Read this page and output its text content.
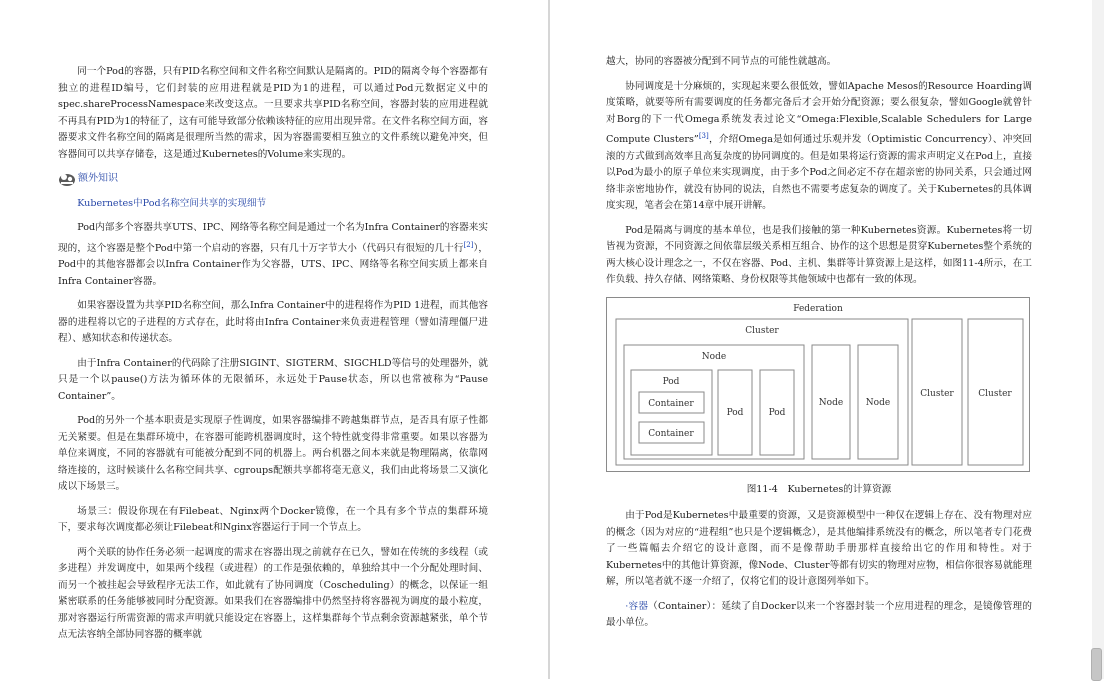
同一个Pod的容器，只有PID名称空间和文件名称空间默认是隔离的。PID的隔离令每个容器都有独立的进程ID编号，它们封装的应用进程就是PID为1的进程，可以通过Pod元数据定义中的spec.shareProcessNamespace来改变这点。一旦要求共享PID名称空间，容器封装的应用进程就不再具有PID为1的特征了，这有可能导致部分依赖该特征的应用出现异常。在文件名称空间方面，容器要求文件名称空间的隔离是很理所当然的需求，因为容器需要相互独立的文件系统以避免冲突，但容器间可以共享存储卷，这是通过Kubernetes的Volume来实现的。

额外知识

Kubernetes中Pod名称空间共享的实现细节

Pod内部多个容器共享UTS、IPC、网络等名称空间是通过一个名为Infra Container的容器来实现的，这个容器是整个Pod中第一个启动的容器，只有几十万字节大小（代码只有很短的几十行[2]），Pod中的其他容器都会以Infra Container作为父容器，UTS、IPC、网络等名称空间实质上都来自Infra Container容器。

如果容器设置为共享PID名称空间，那么Infra Container中的进程将作为PID 1进程，而其他容器的进程将以它的子进程的方式存在，此时将由Infra Container来负责进程管理（譬如清理僵尸进程）、感知状态和传递状态。

由于Infra Container的代码除了注册SIGINT、SIGTERM、SIGCHLD等信号的处理器外，就只是一个以pause()方法为循环体的无限循环，永远处于Pause状态，所以也常被称为“Pause Container”。

Pod的另外一个基本职责是实现原子性调度，如果容器编排不跨越集群节点，是否具有原子性都无关紧要。但是在集群环境中，在容器可能跨机器调度时，这个特性就变得非常重要。如果以容器为单位来调度，不同的容器就有可能被分配到不同的机器上。两台机器之间本来就是物理隔离，依靠网络连接的，这时候谈什么名称空间共享、cgroups配额共享都将毫无意义，我们由此将场景二又演化成以下场景三。

场景三：假设你现在有Filebeat、Nginx两个Docker镜像，在一个具有多个节点的集群环境下，要求每次调度都必须让Filebeat和Nginx容器运行于同一个节点上。

两个关联的协作任务必须一起调度的需求在容器出现之前就存在已久，譬如在传统的多线程（或多进程）并发调度中，如果两个线程（或进程）的工作是强依赖的，单独给其中一个分配处理时间、而另一个被挂起会导致程序无法工作，如此就有了协同调度（Coscheduling）的概念，以保证一组紧密联系的任务能够被同时分配资源。如果我们在容器编排中仍然坚持将容器视为调度的最小粒度，那对容器运行所需资源的需求声明就只能设定在容器上，这样集群每个节点剩余资源越紧张，单个节点无法容纳全部协同容器的概率就

越大，协同的容器被分配到不同节点的可能性就越高。

协同调度是十分麻烦的，实现起来要么很低效，譬如Apache Mesos的Resource Hoarding调度策略，就要等所有需要调度的任务都完备后才会开始分配资源；要么很复杂，譬如Google就曾针对Borg的下一代Omega系统发表过论文“Omega:Flexible,Scalable Schedulers for Large Compute Clusters”[3]，介绍Omega是如何通过乐观并发（Optimistic Concurrency）、冲突回滚的方式做到高效率且高复杂度的协同调度的。但是如果将运行资源的需求声明定义在Pod上，直接以Pod为最小的原子单位来实现调度，由于多个Pod之间必定不存在超亲密的协同关系，只会通过网络非亲密地协作，就没有协同的说法，自然也不需要考虑复杂的调度了。关于Kubernetes的具体调度实现，笔者会在第14章中展开讲解。

Pod是隔离与调度的基本单位，也是我们接触的第一种Kubernetes资源。Kubernetes将一切皆视为资源，不同资源之间依靠层级关系相互组合、协作的这个思想是贯穿Kubernetes整个系统的两大核心设计理念之一，不仅在容器、Pod、主机、集群等计算资源上是这样，如图11-4所示，在工作负载、持久存储、网络策略、身份权限等其他领域中也都有一致的体现。

Federation
Cluster
Node
Pod
Container
Container
Pod	Pod
Node	Node
Cluster	Cluster

图11-4　Kubernetes的计算资源

由于Pod是Kubernetes中最重要的资源，又是资源模型中一种仅在逻辑上存在、没有物理对应的概念（因为对应的“进程组”也只是个逻辑概念），是其他编排系统没有的概念，所以笔者专门花费了一些篇幅去介绍它的设计意图，而不是像帮助手册那样直接给出它的作用和特性。对于Kubernetes中的其他计算资源，像Node、Cluster等都有切实的物理对应物，相信你很容易就能理解，所以笔者就不逐一介绍了，仅将它们的设计意图列举如下。

·容器（Container）：延续了自Docker以来一个容器封装一个应用进程的理念，是镜像管理的最小单位。
